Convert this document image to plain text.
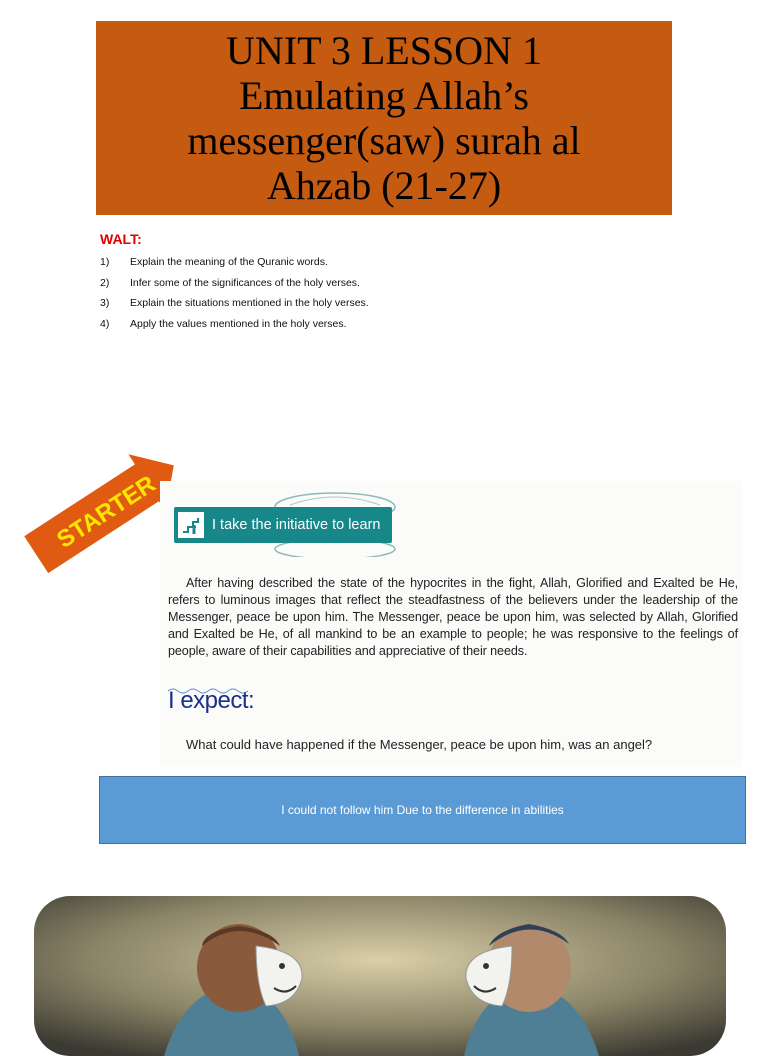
UNIT 3 LESSON 1
Emulating Allah’s
messenger(saw) surah al
Ahzab (21-27)
WALT:
1)	Explain the meaning of the Quranic words.
2)	Infer some of the significances of the holy verses.
3)	Explain the situations mentioned in the holy verses.
4)	Apply the values mentioned in the holy verses.
STARTER	I take the initiative to learn
After having described the state of the hypocrites in the fight, Allah, Glorified and Exalted be He, refers to luminous images that reflect the steadfastness of the believers under the leadership of the Messenger, peace be upon him. The Messenger, peace be upon him, was selected by Allah, Glorified and Exalted be He, of all mankind to be an example to people; he was responsive to the feelings of people, aware of their capabilities and appreciative of their needs.
I expect:
What could have happened if the Messenger, peace be upon him, was an angel?
I could not follow him Due to the difference in abilities
